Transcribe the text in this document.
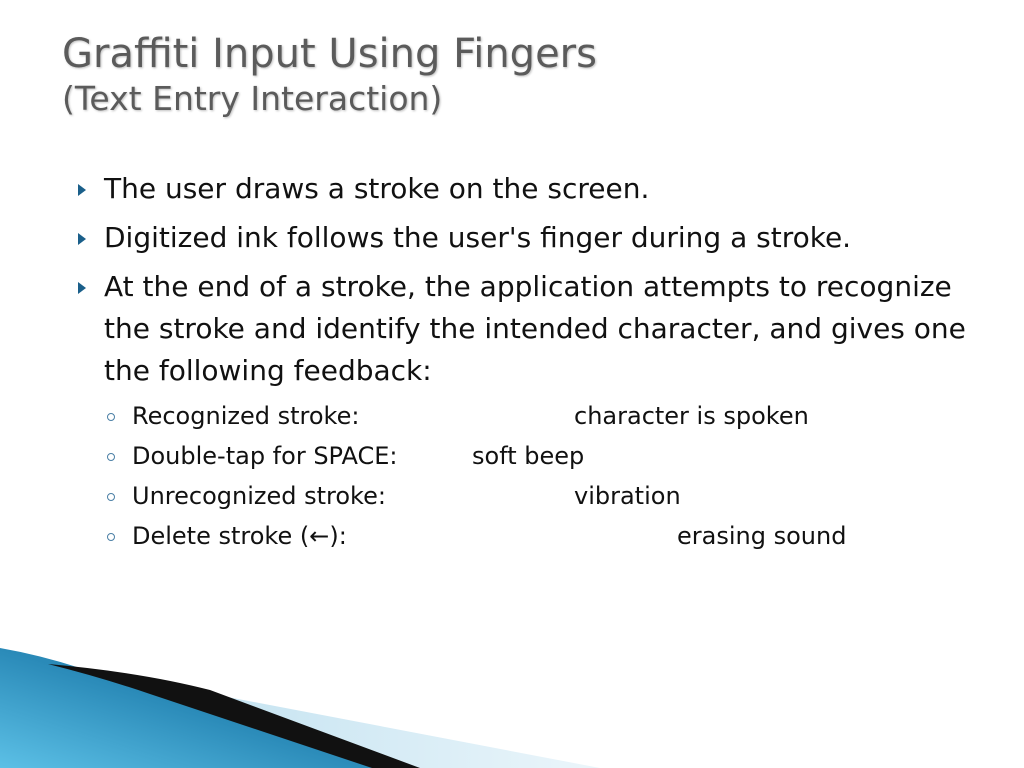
Graffiti Input Using Fingers
(Text Entry Interaction)
The user draws a stroke on the screen.
Digitized ink follows the user's finger during a stroke.
At the end of a stroke, the application attempts to recognize the stroke and identify the intended character, and gives one the following feedback:
Recognized stroke:	character is spoken
Double-tap for SPACE:	soft beep
Unrecognized stroke:	vibration
Delete stroke (←):	erasing sound
